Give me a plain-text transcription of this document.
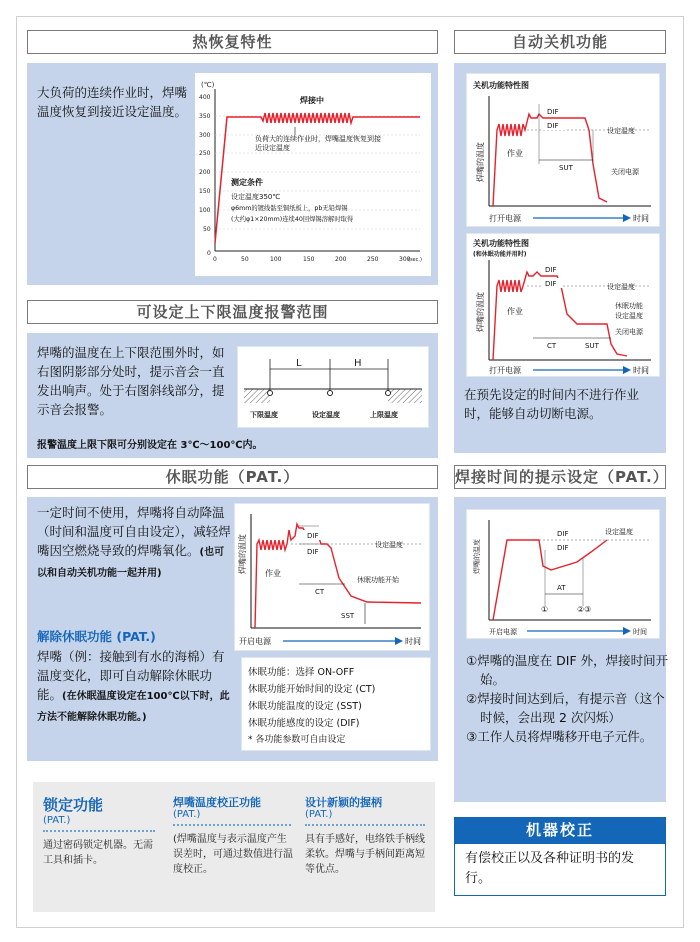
热恢复特性
大负荷的连续作业时，焊嘴温度恢复到接近设定温度。
(℃)
400
350
300
250
200
150
100
50
0
0	50	100	150	200	250	300
(sec.)
焊接中
负荷大的连续作业时，焊嘴温度恢复到接近设定温度
测定条件
设定温度350℃
φ6mm的镀线骷至铜纸板上，pb无铅焊锡
(大约φ1×20mm)连续40回焊锡溶解时取得
可设定上下限温度报警范围
焊嘴的温度在上下限范围外时，如右图阴影部分处时，提示音会一直发出响声。处于右图斜线部分，提示音会报警。
L	H
下限温度	设定温度	上限温度
报警温度上限下限可分别设定在 3℃～100℃内。
休眠功能（PAT.）
一定时间不使用，焊嘴将自动降温（时间和温度可自由设定），减轻焊嘴因空燃烧导致的焊嘴氧化。(也可以和自动关机功能一起并用)
解除休眠功能 (PAT.)
焊嘴（例：接触到有水的海棉）有温度变化，即可自动解除休眠功能。(在休眠温度设定在100℃以下时，此方法不能解除休眠功能。)
焊嘴的温度	DIF
DIF
设定温度
作业
CT
休眠功能开始
SST
开启电源	时间
休眠功能：选择 ON-OFF
休眠功能开始时间的设定 (CT)
休眠功能温度的设定 (SST)
休眠功能感度的设定 (DIF)
* 各功能参数可自由设定
自动关机功能
关机功能特性图
焊嘴的温度
DIF
DIF
设定温度
作业
SUT	关闭电源
打开电源	时间
关机功能特性图
(和休眠功能并用时)
焊嘴的温度
DIF
DIF	设定温度
休眠功能
设定温度
关闭电源
作业
CT	SUT
打开电源	时间
在预先设定的时间内不进行作业时，能够自动切断电源。
焊接时间的提示设定（PAT.）
焊嘴的温度
DIF
DIF
设定温度
AT
①	②③
开启电源	时间
①焊嘴的温度在 DIF 外，焊接时间开始。
②焊接时间达到后，有提示音（这个时候，会出现 2 次闪烁）
③工作人员将焊嘴移开电子元件。
锁定功能
(PAT.)
通过密码锁定机器。无需工具和插卡。
焊嘴温度校正功能
(PAT.)
(焊嘴温度与表示温度产生误差时，可通过数值进行温度校正。
设计新颖的握柄
(PAT.)
具有手感好，电络铁手柄线柔软。焊嘴与手柄间距离短等优点。
机器校正
有偿校正以及各种证明书的发行。
